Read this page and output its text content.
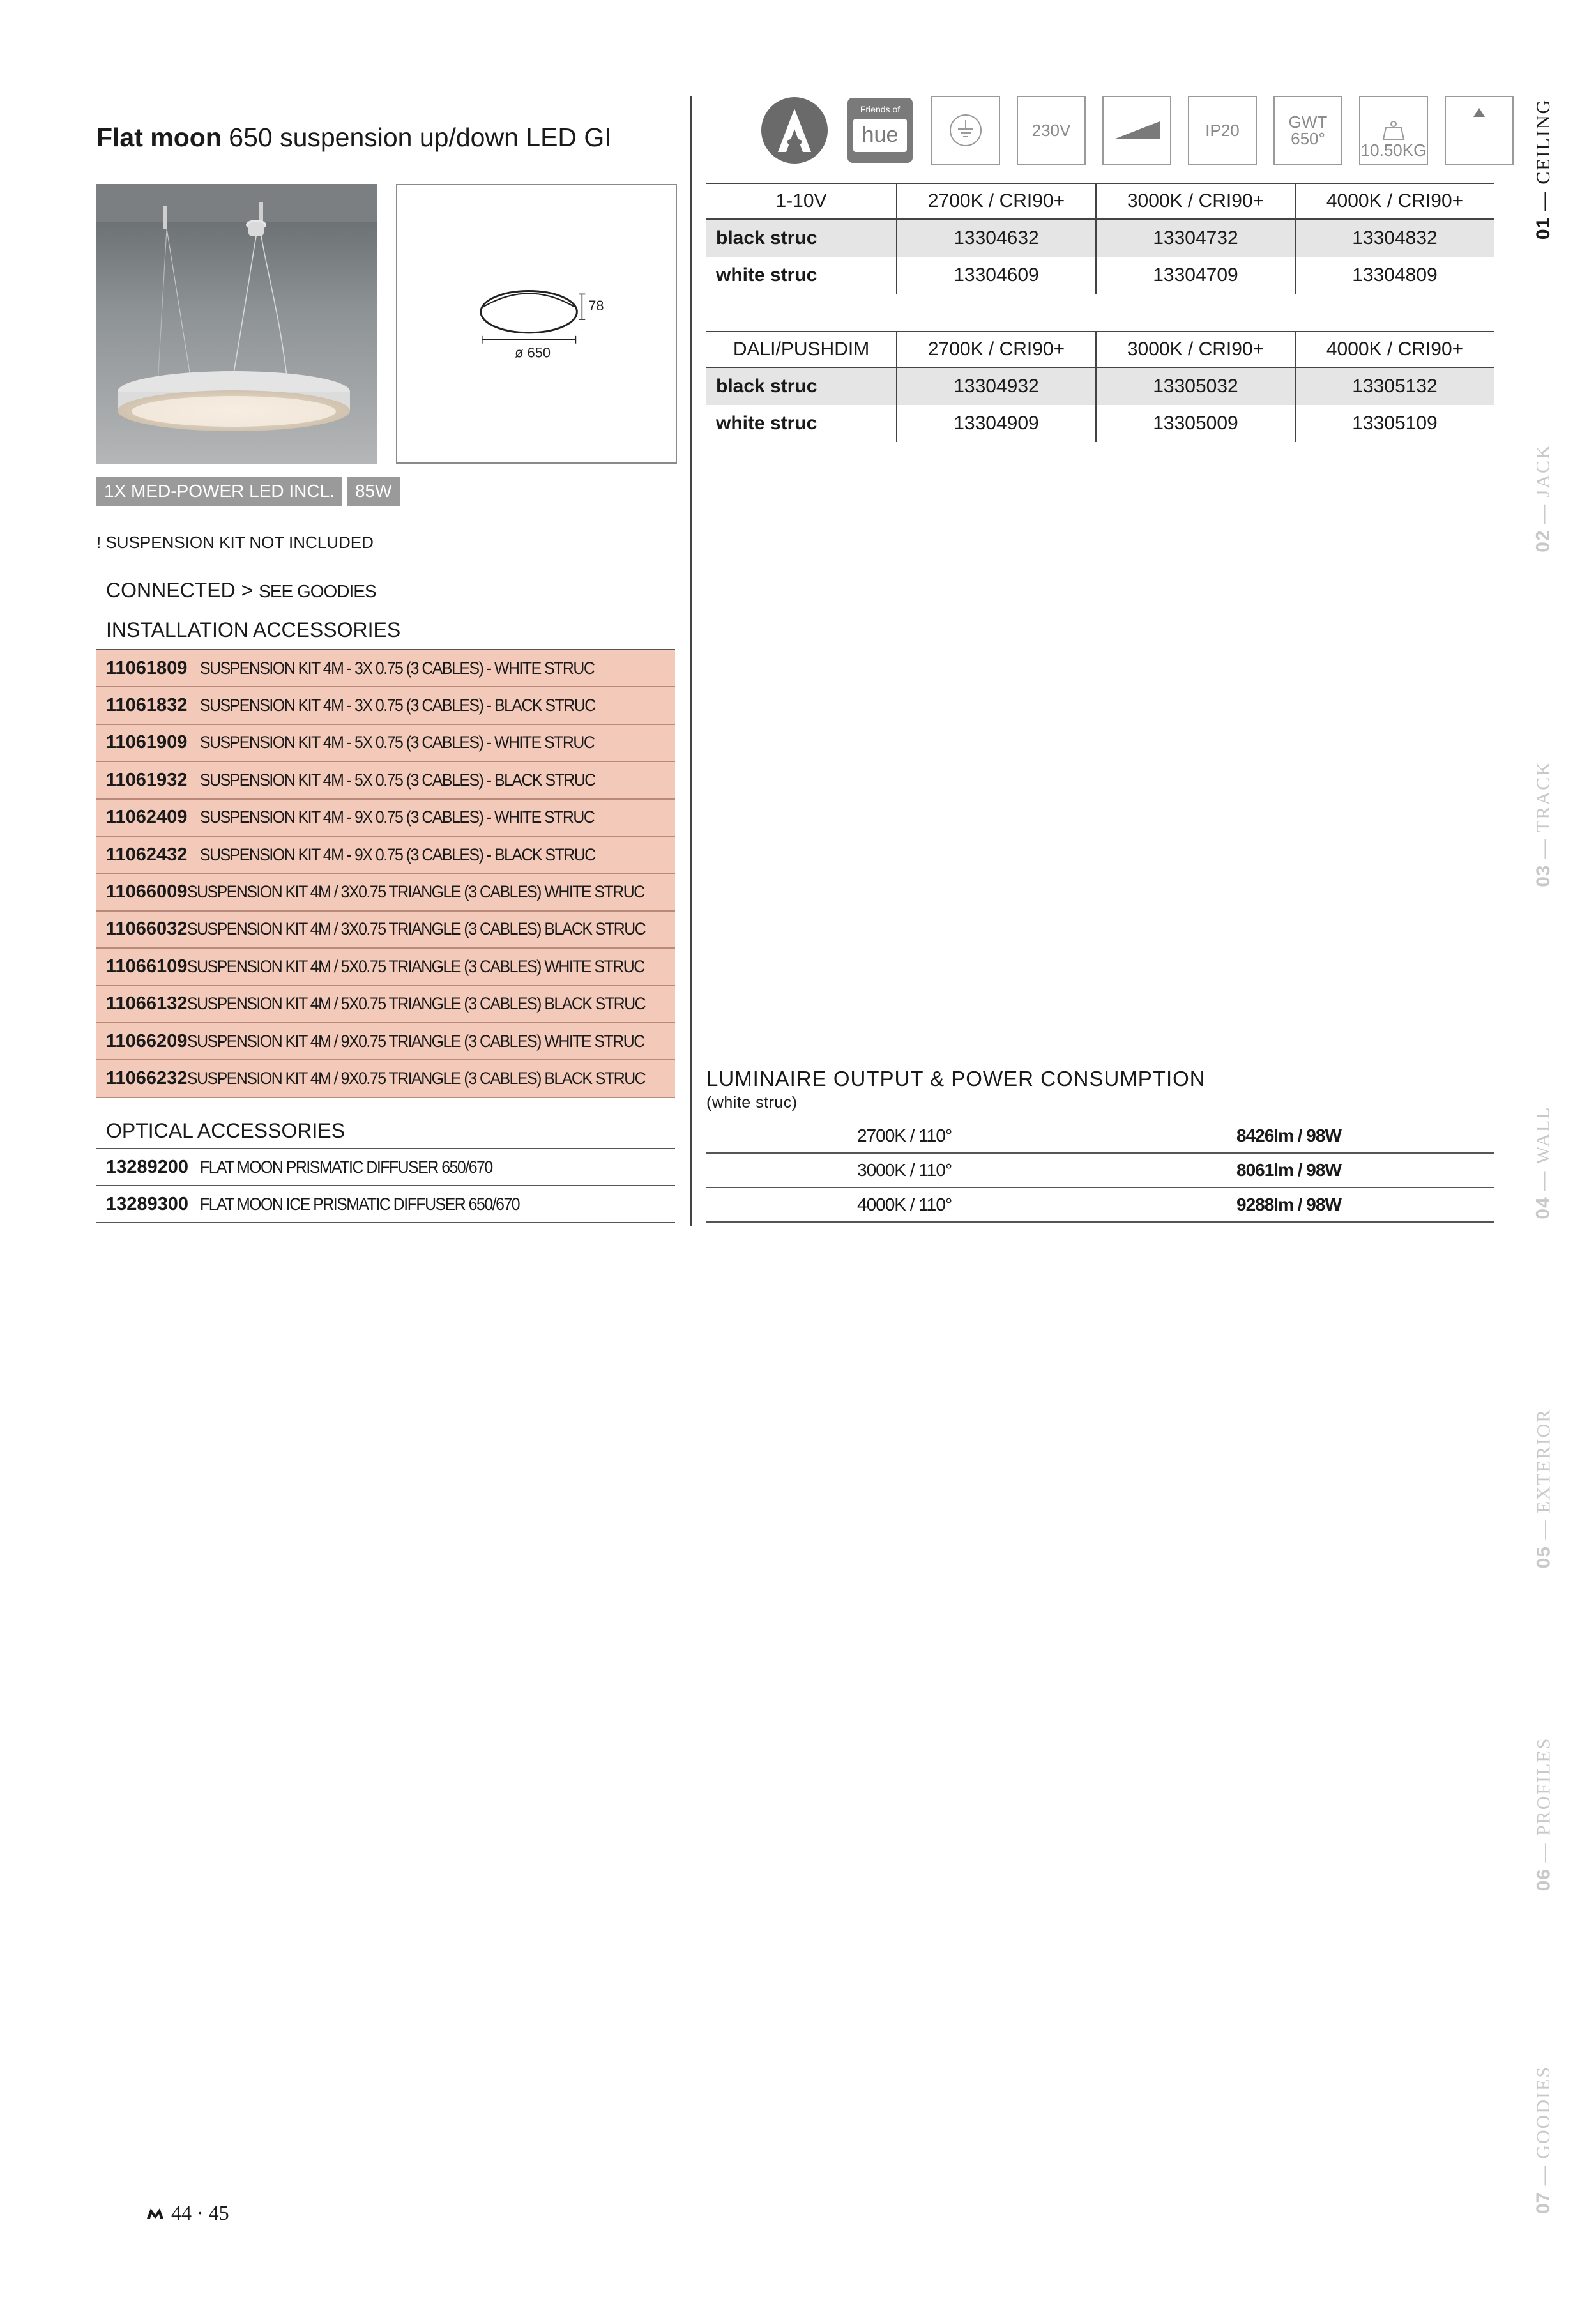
Flat moon 650 suspension up/down LED GI
78
ø 650
1X MED-POWER LED INCL.	85W
! SUSPENSION KIT NOT INCLUDED
CONNECTED > SEE GOODIES
INSTALLATION ACCESSORIES
11061809 SUSPENSION KIT 4M - 3X 0.75 (3 CABLES) - WHITE STRUC
11061832 SUSPENSION KIT 4M - 3X 0.75 (3 CABLES) - BLACK STRUC
11061909 SUSPENSION KIT 4M - 5X 0.75 (3 CABLES) - WHITE STRUC
11061932 SUSPENSION KIT 4M - 5X 0.75 (3 CABLES) - BLACK STRUC
11062409 SUSPENSION KIT 4M - 9X 0.75 (3 CABLES) - WHITE STRUC
11062432 SUSPENSION KIT 4M - 9X 0.75 (3 CABLES) - BLACK STRUC
11066009 SUSPENSION KIT 4M / 3X0.75 TRIANGLE (3 CABLES) WHITE STRUC
11066032 SUSPENSION KIT 4M / 3X0.75 TRIANGLE (3 CABLES) BLACK STRUC
11066109 SUSPENSION KIT 4M / 5X0.75 TRIANGLE (3 CABLES) WHITE STRUC
11066132 SUSPENSION KIT 4M / 5X0.75 TRIANGLE (3 CABLES) BLACK STRUC
11066209 SUSPENSION KIT 4M / 9X0.75 TRIANGLE (3 CABLES) WHITE STRUC
11066232 SUSPENSION KIT 4M / 9X0.75 TRIANGLE (3 CABLES) BLACK STRUC
OPTICAL ACCESSORIES
13289200 FLAT MOON PRISMATIC DIFFUSER 650/670
13289300 FLAT MOON ICE PRISMATIC DIFFUSER 650/670
Friends of
hue	230V	IP20	GWT
650°
10.50KG
1-10V	2700K / CRI90+	3000K / CRI90+	4000K / CRI90+
black struc	13304632	13304732	13304832
white struc	13304609	13304709	13304809
DALI/PUSHDIM	2700K / CRI90+	3000K / CRI90+	4000K / CRI90+
black struc	13304932	13305032	13305132
white struc	13304909	13305009	13305109
LUMINAIRE OUTPUT & POWER CONSUMPTION
(white struc)
2700K / 110°	8426lm / 98W
3000K / 110°	8061lm / 98W
4000K / 110°	9288lm / 98W
01 — CEILING
02 — JACK
03 — TRACK
04 — WALL
05 — EXTERIOR
06 — PROFILES
07 — GOODIES
44 · 45
